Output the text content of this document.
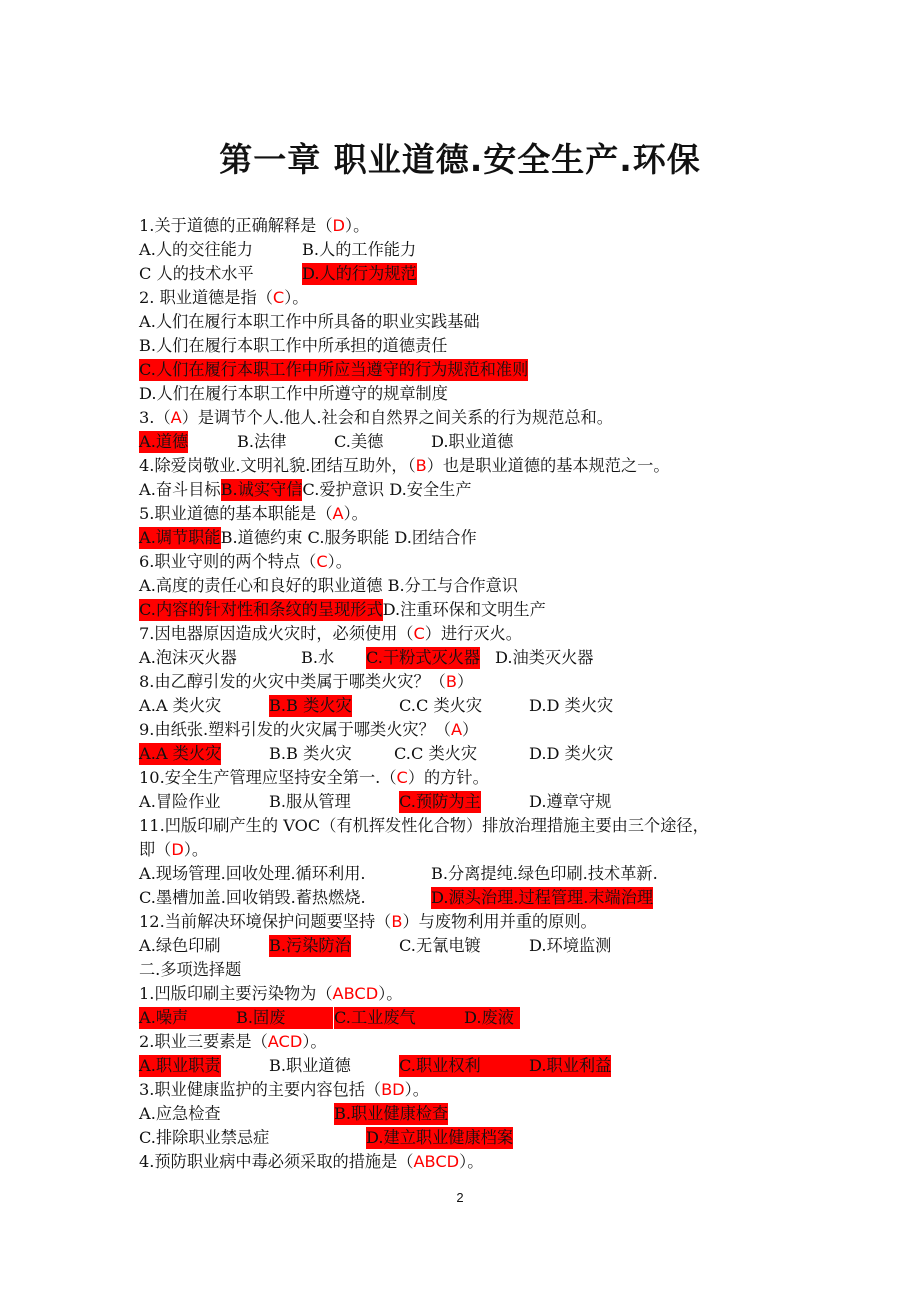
第一章 职业道德.安全生产.环保
1.关于道德的正确解释是（ D ）。
A.人的交往能力	B.人的工作能力
C 人的技术水平	D.人的行为规范
2. 职业道德是指（ C ）。
A.人们在履行本职工作中所具备的职业实践基础
B.人们在履行本职工作中所承担的道德责任
C.人们在履行本职工作中所应当遵守的行为规范和准则
D.人们在履行本职工作中所遵守的规章制度
3.（ A ）是调节个人.他人.社会和自然界之间关系的行为规范总和。
A.道德	B.法律	C.美德	D.职业道德
4.除爱岗敬业.文明礼貌.团结互助外，（ B ）也是职业道德的基本规范之一。
A.奋斗目标 B.诚实守信 C.爱护意识 D.安全生产
5.职业道德的基本职能是（ A ）。
A.调节职能 B.道德约束 C.服务职能 D.团结合作
6.职业守则的两个特点（ C ）。
A.高度的责任心和良好的职业道德 B.分工与合作意识
C.内容的针对性和条纹的呈现形式 D.注重环保和文明生产
7.因电器原因造成火灾时，必须使用（ C ）进行灭火。
A.泡沫灭火器	B.水 C.干粉式灭火器 D.油类灭火器
8.由乙醇引发的火灾中类属于哪类火灾？（ B ）
A.A 类火灾	B.B 类火灾	C.C 类火灾	D.D 类火灾
9.由纸张.塑料引发的火灾属于哪类火灾？（ A ）
A.A 类火灾	B.B 类火灾	C.C 类火灾	D.D 类火灾
10.安全生产管理应坚持安全第一.（ C ）的方针。
A.冒险作业	B.服从管理	C.预防为主	D.遵章守规
11.凹版印刷产生的 VOC（有机挥发性化合物）排放治理措施主要由三个途径，
即（ D ）。
A.现场管理.回收处理.循环利用.	B.分离提纯.绿色印刷.技术革新.
C.墨槽加盖.回收销毁.蓄热燃烧.	D.源头治理.过程管理.末端治理
12.当前解决环境保护问题要坚持（ B ）与废物利用并重的原则。
A.绿色印刷	B.污染防治	C.无氰电镀	D.环境监测
二.多项选择题
1.凹版印刷主要污染物为（ ABCD ）。
A.噪声	B.固废	C.工业废气	D.废液
2.职业三要素是（ ACD ）。
A.职业职责	B.职业道德	C.职业权利	D.职业利益
3.职业健康监护的主要内容包括（ BD ）。
A.应急检查	B.职业健康检查
C.排除职业禁忌症	D.建立职业健康档案
4.预防职业病中毒必须采取的措施是（ ABCD ）。
2
